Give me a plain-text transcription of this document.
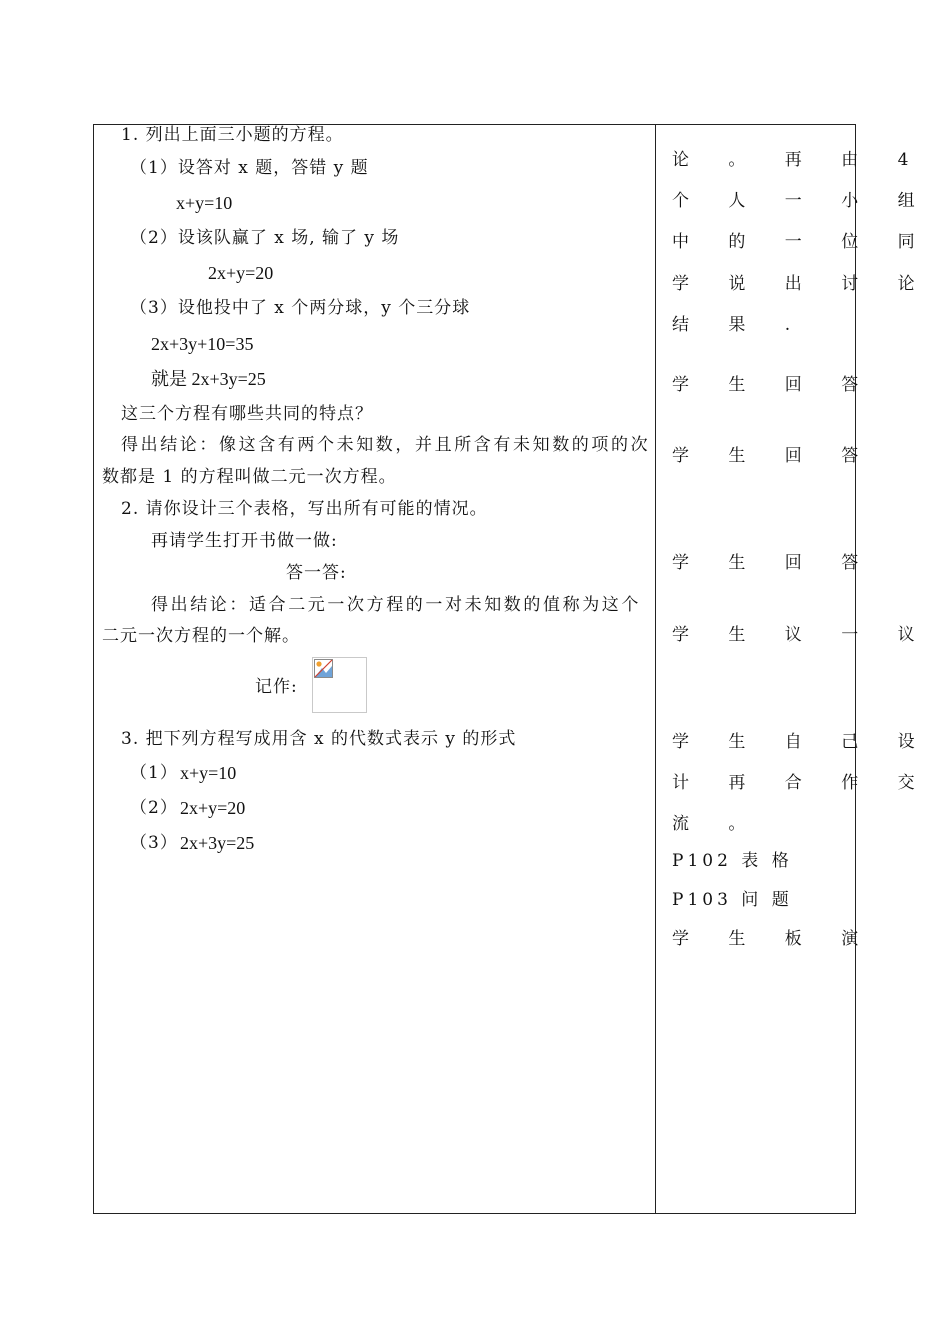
1. 列出上面三小题的方程。
（1）设答对 x 题，答错 y 题
x+y=10
（2）设该队赢了 x 场, 输了 y 场
2x+y=20
（3）设他投中了 x 个两分球，y 个三分球
2x+3y+10=35
就是 2x+3y=25
这三个方程有哪些共同的特点？
得出结论：像这含有两个未知数，并且所含有未知数的项的次
数都是 1 的方程叫做二元一次方程。
2. 请你设计三个表格，写出所有可能的情况。
再请学生打开书做一做:
答一答:
得出结论：适合二元一次方程的一对未知数的值称为这个
二元一次方程的一个解。
记作:
3. 把下列方程写成用含 x 的代数式表示 y 的形式
（1） x+y=10
（2） 2x+y=20
（3） 2x+3y=25
论 。 再 由 4
个 人 一 小 组
中 的 一 位 同
学 说 出 讨 论
结 果 .
学 生 回 答
学 生 回 答
学 生 回 答
学 生 议 一 议
学 生 自 己 设
计 再 合 作 交
流 。
P102 表 格
P103 问 题
学 生 板 演
